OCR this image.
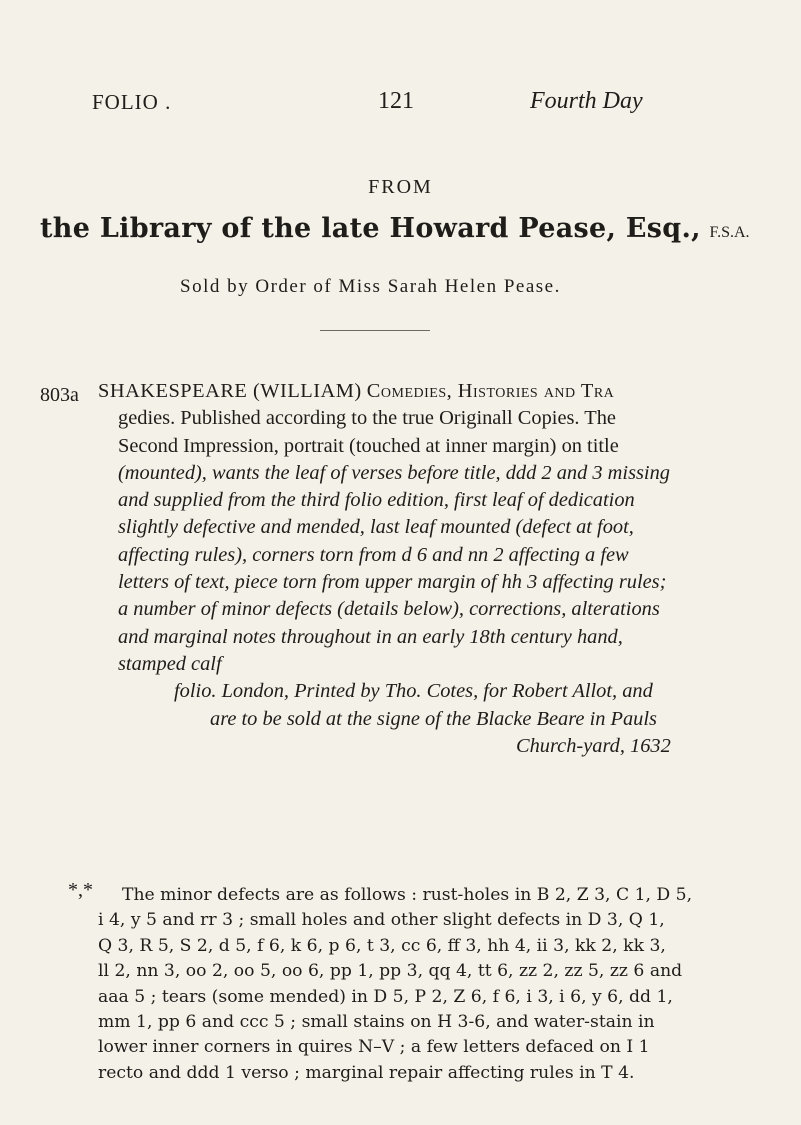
FOLIO .	121	Fourth Day
FROM
the Library of the late Howard Pease, Esq., F.S.A.
Sold by Order of Miss Sarah Helen Pease.
803a SHAKESPEARE (WILLIAM) Comedies, Histories and Tra

gedies. Published according to the true Originall Copies. The

Second Impression, portrait (touched at inner margin) on title

(mounted), wants the leaf of verses before title, ddd 2 and 3 missing

and supplied from the third folio edition, first leaf of dedication

slightly defective and mended, last leaf mounted (defect at foot,

affecting rules), corners torn from d 6 and nn 2 affecting a few

letters of text, piece torn from upper margin of hh 3 affecting rules;

a number of minor defects (details below), corrections, alterations

and marginal notes throughout in an early 18th century hand,

stamped calf

folio. London, Printed by Tho. Cotes, for Robert Allot, and

are to be sold at the signe of the Blacke Beare in Pauls

Church-yard, 1632

*,*	The minor defects are as follows : rust-holes in B 2, Z 3, C 1, D 5,
i 4, y 5 and rr 3 ; small holes and other slight defects in D 3, Q 1,
Q 3, R 5, S 2, d 5, f 6, k 6, p 6, t 3, cc 6, ff 3, hh 4, ii 3, kk 2, kk 3,
ll 2, nn 3, oo 2, oo 5, oo 6, pp 1, pp 3, qq 4, tt 6, zz 2, zz 5, zz 6 and
aaa 5 ; tears (some mended) in D 5, P 2, Z 6, f 6, i 3, i 6, y 6, dd 1,
mm 1, pp 6 and ccc 5 ; small stains on H 3-6, and water-stain in
lower inner corners in quires N–V ; a few letters defaced on I 1
recto and ddd 1 verso ; marginal repair affecting rules in T 4.
